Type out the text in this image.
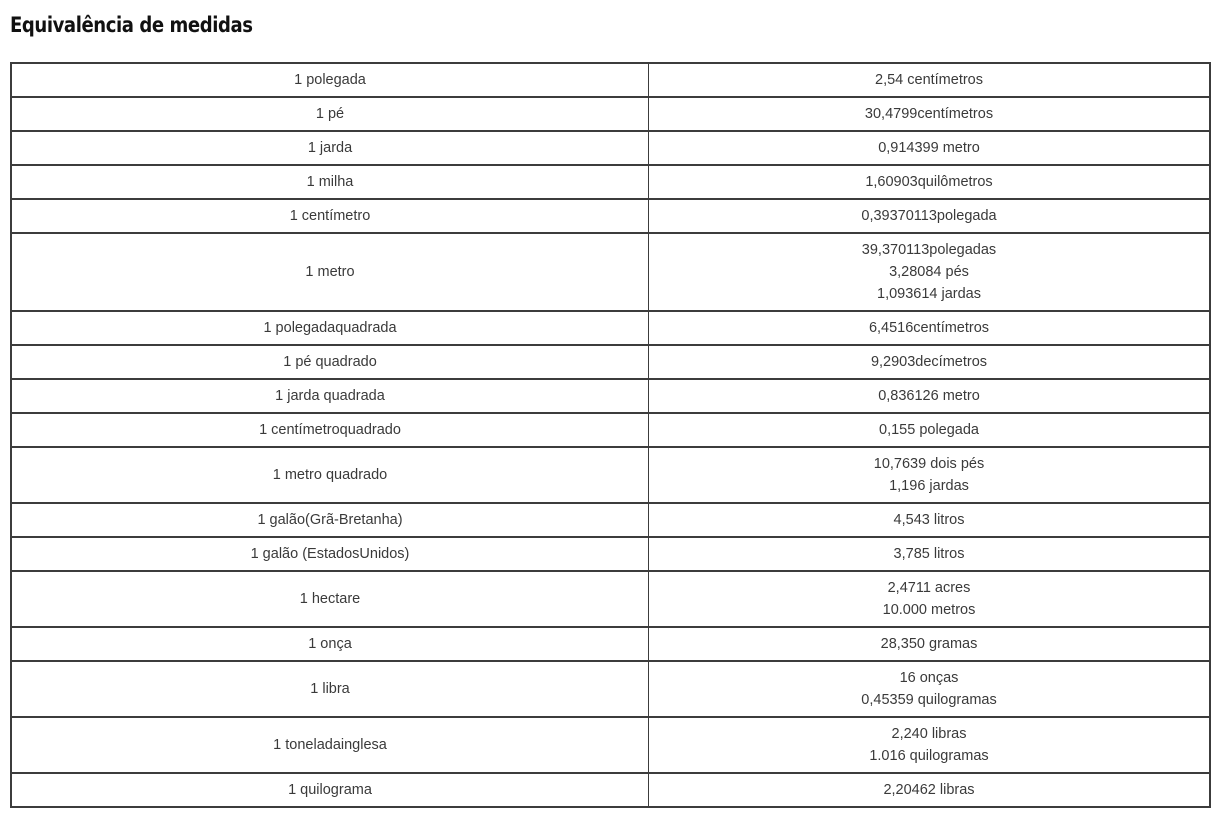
Equivalência de medidas
1 polegada	2,54 centímetros

1 pé	30,4799centímetros

1 jarda	0,914399 metro

1 milha	1,60903quilômetros

1 centímetro	0,39370113polegada

1 metro	39,370113polegadas
3,28084 pés
1,093614 jardas

1 polegadaquadrada	6,4516centímetros

1 pé quadrado	9,2903decímetros

1 jarda quadrada	0,836126 metro

1 centímetroquadrado	0,155 polegada

1 metro quadrado	10,7639 dois pés
1,196 jardas

1 galão(Grã-Bretanha)	4,543 litros

1 galão (EstadosUnidos)	3,785 litros

1 hectare	2,4711 acres
10.000 metros

1 onça	28,350 gramas

1 libra	16 onças
0,45359 quilogramas

1 toneladainglesa	2,240 libras
1.016 quilogramas

1 quilograma	2,20462 libras
